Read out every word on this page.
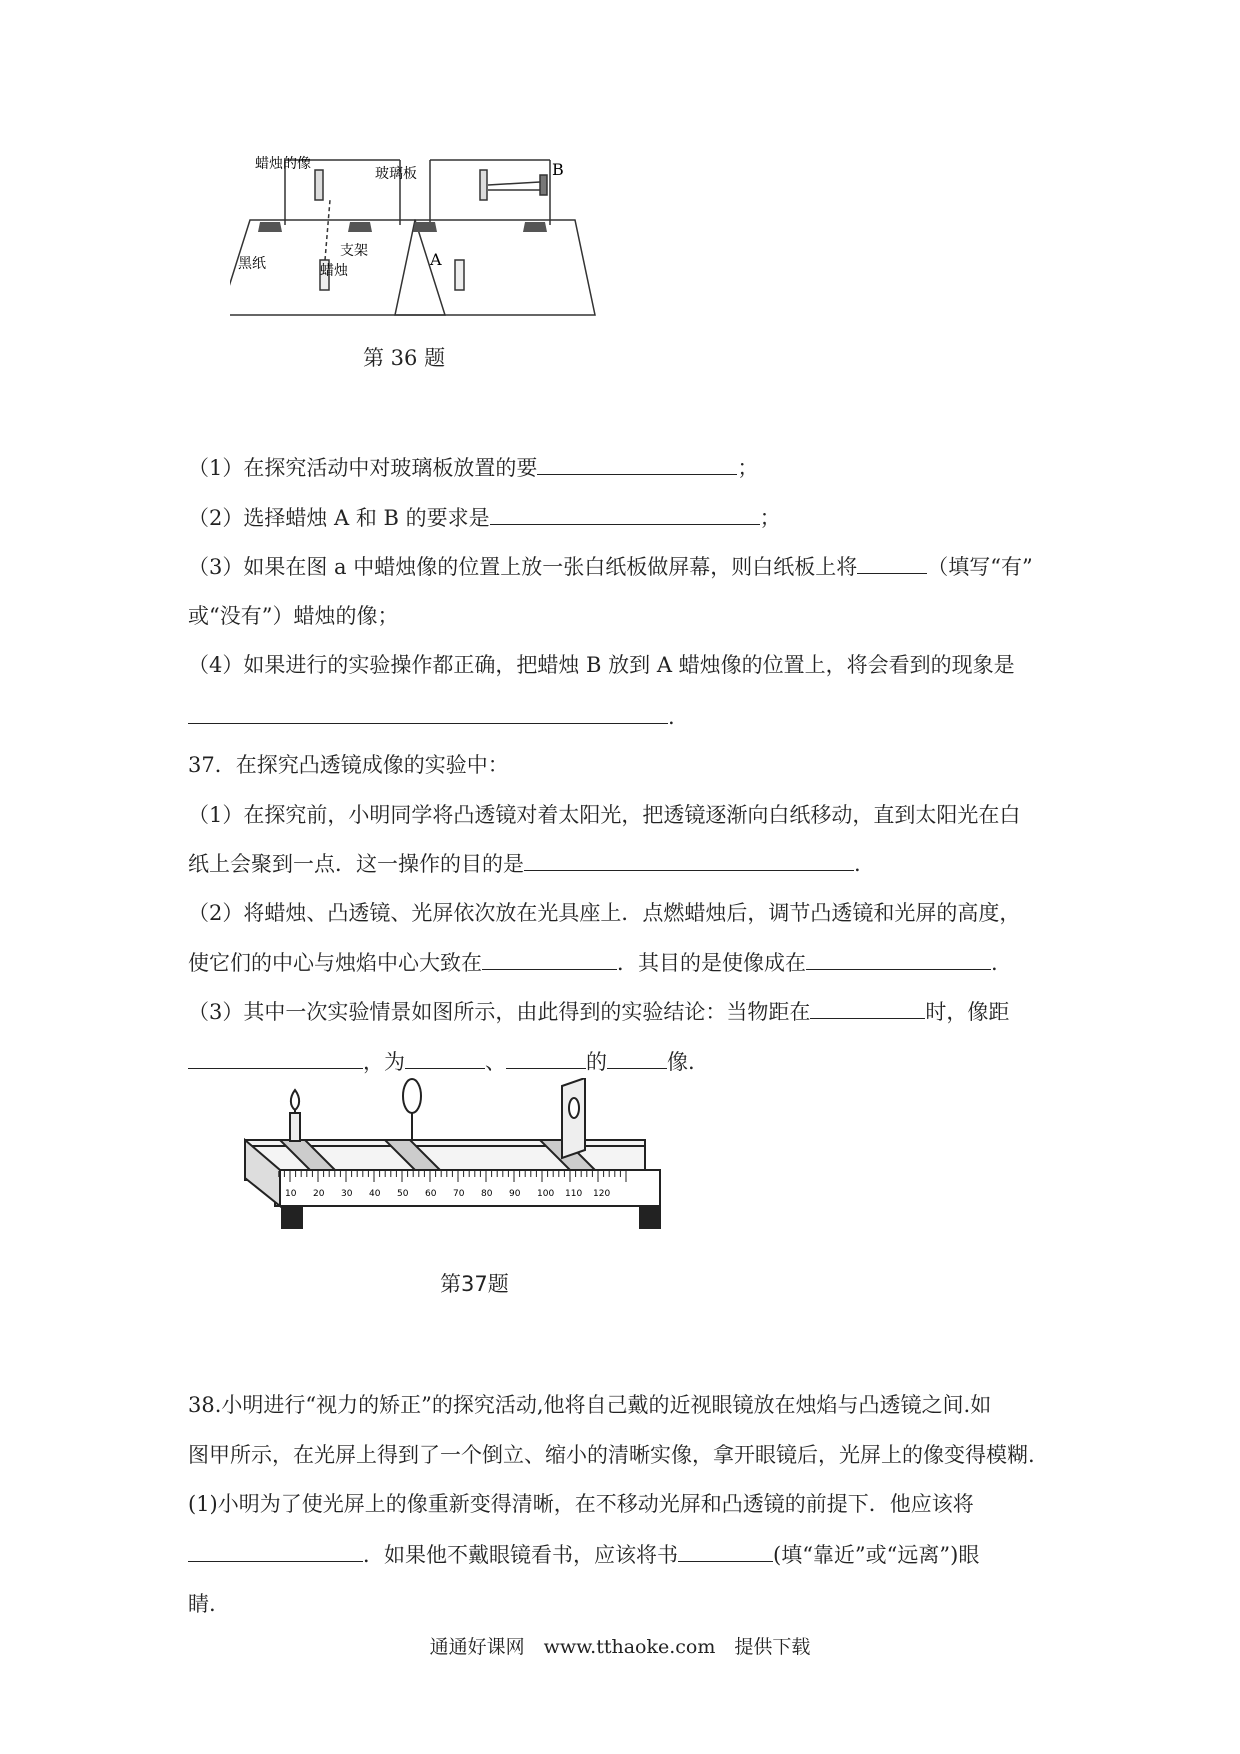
蜡烛的像
玻璃板
黑纸
支架
蜡烛
A
B
第 36 题
（1）在探究活动中对玻璃板放置的要	；
（2）选择蜡烛 A 和 B 的要求是	；
（3）如果在图 a 中蜡烛像的位置上放一张白纸板做屏幕，则白纸板上将	（填写“有”
或“没有”）蜡烛的像；
（4）如果进行的实验操作都正确，把蜡烛 B 放到 A 蜡烛像的位置上，将会看到的现象是
.
37．在探究凸透镜成像的实验中：
（1）在探究前，小明同学将凸透镜对着太阳光，把透镜逐渐向白纸移动，直到太阳光在白
纸上会聚到一点．这一操作的目的是	.
（2）将蜡烛、凸透镜、光屏依次放在光具座上．点燃蜡烛后，调节凸透镜和光屏的高度，
使它们的中心与烛焰中心大致在	．其目的是使像成在	.
（3）其中一次实验情景如图所示，由此得到的实验结论：当物距在	时，像距
，为	、	的	像.
10 20 30 40 50 60 70 80 90 100 110 120
第37题
38.小明进行“视力的矫正”的探究活动,他将自己戴的近视眼镜放在烛焰与凸透镜之间.如
图甲所示，在光屏上得到了一个倒立、缩小的清晰实像，拿开眼镜后，光屏上的像变得模糊.
(1)小明为了使光屏上的像重新变得清晰，在不移动光屏和凸透镜的前提下．他应该将
．如果他不戴眼镜看书，应该将书	(填“靠近”或“远离”)眼
睛.
通通好课网　www.tthaoke.com　提供下载
